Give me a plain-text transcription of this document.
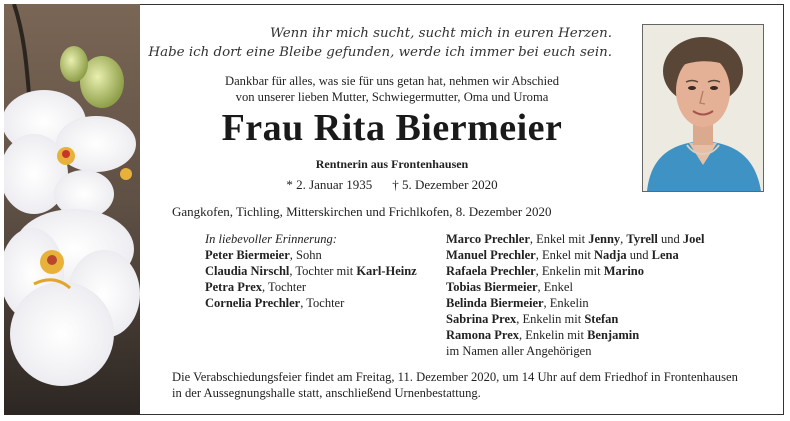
Wenn ihr mich sucht, sucht mich in euren Herzen.
Habe ich dort eine Bleibe gefunden, werde ich immer bei euch sein.
Dankbar für alles, was sie für uns getan hat, nehmen wir Abschied
von unserer lieben Mutter, Schwiegermutter, Oma und Uroma
Frau Rita Biermeier
Rentnerin aus Frontenhausen
* 2. Januar 1935 † 5. Dezember 2020
Gangkofen, Tichling, Mitterskirchen und Frichlkofen, 8. Dezember 2020
In liebevoller Erinnerung:
Peter Biermeier, Sohn
Claudia Nirschl, Tochter mit Karl-Heinz
Petra Prex, Tochter
Cornelia Prechler, Tochter
Marco Prechler, Enkel mit Jenny, Tyrell und Joel
Manuel Prechler, Enkel mit Nadja und Lena
Rafaela Prechler, Enkelin mit Marino
Tobias Biermeier, Enkel
Belinda Biermeier, Enkelin
Sabrina Prex, Enkelin mit Stefan
Ramona Prex, Enkelin mit Benjamin
im Namen aller Angehörigen
Die Verabschiedungsfeier findet am Freitag, 11. Dezember 2020, um 14 Uhr auf dem Friedhof in Frontenhausen
in der Aussegnungshalle statt, anschließend Urnenbestattung.
